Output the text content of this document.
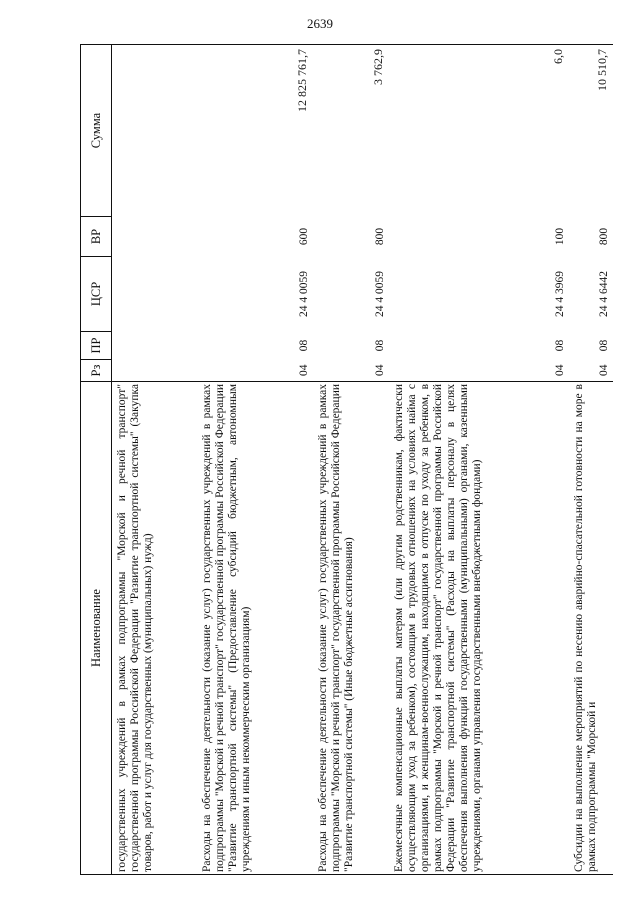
2639
Наименование	Рз	ПР	ЦСР	ВР	Сумма
государственных учреждений в рамках подпрограммы "Морской и речной транспорт" государственной программы Российской Федерации "Развитие транспортной системы" (Закупка товаров, работ и услуг для государственных (муниципальных) нужд)					
Расходы на обеспечение деятельности (оказание услуг) государственных учреждений в рамках подпрограммы "Морской и речной транспорт" государственной программы Российской Федерации "Развитие транспортной системы" (Предоставление субсидий бюджетным, автономным учреждениям и иным некоммерческим организациям)	04	08	24 4 0059	600	12 825 761,7
Расходы на обеспечение деятельности (оказание услуг) государственных учреждений в рамках подпрограммы "Морской и речной транспорт" государственной программы Российской Федерации "Развитие транспортной системы" (Иные бюджетные ассигнования)	04	08	24 4 0059	800	3 762,9
Ежемесячные компенсационные выплаты матерям (или другим родственникам, фактически осуществляющим уход за ребенком), состоящим в трудовых отношениях на условиях найма с организациями, и женщинам-военнослужащим, находящимся в отпуске по уходу за ребенком, в рамках подпрограммы "Морской и речной транспорт" государственной программы Российской Федерации "Развитие транспортной системы" (Расходы на выплаты персоналу в целях обеспечения выполнения функций государственными (муниципальными) органами, казенными учреждениями, органами управления государственными внебюджетными фондами)	04	08	24 4 3969	100	6,0
Субсидии на выполнение мероприятий по несению аварийно-спасательной готовности на море в рамках подпрограммы "Морской и	04	08	24 4 6442	800	10 510,7
